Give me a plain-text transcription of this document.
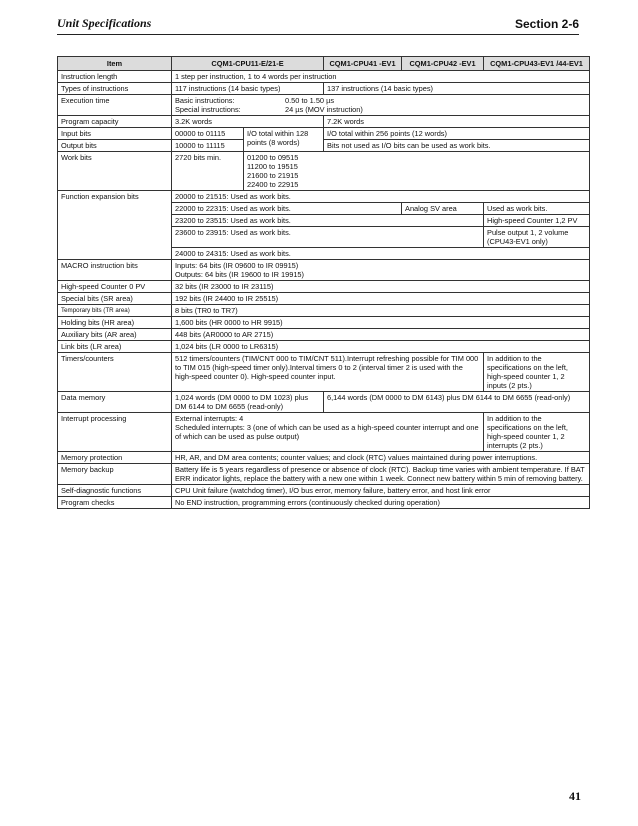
Unit Specifications	Section 2-6
Item	CQM1-CPU11-E/21-E		CQM1-CPU41 -EV1	CQM1-CPU42 -EV1	CQM1-CPU43-EV1 /44-EV1
Instruction length	1 step per instruction, 1 to 4 words per instruction				
Types of instructions	117 instructions (14 basic types)		137 instructions (14 basic types)		
Execution time	Basic instructions: 0.50 to 1.50 µs
Special instructions: 24 µs (MOV instruction)				

Program capacity	3.2K words		7.2K words		
Input bits	00000 to 01115	I/O total within 128 points (8 words)	I/O total within 256 points (12 words)		
Output bits	10000 to 11115		Bits not used as I/O bits can be used as work bits.		
Work bits	2720 bits min.	01200 to 09515
11200 to 19515
21600 to 21915
22400 to 22915			

Function expansion bits	20000 to 21515: Used as work bits.				
	22000 to 22315: Used as work bits.			Analog SV area	Used as work bits.
	23200 to 23515: Used as work bits.				High-speed Counter 1,2 PV
	23600 to 23915: Used as work bits.				Pulse output 1, 2 volume (CPU43-EV1 only)
	24000 to 24315: Used as work bits.				
MACRO instruction bits	Inputs: 64 bits (IR 09600 to IR 09915)
Outputs: 64 bits (IR 19600 to IR 19915)				

High-speed Counter 0 PV	32 bits (IR 23000 to IR 23115)				
Special bits (SR area)	192 bits (IR 24400 to IR 25515)				
Temporary bits (TR area)	8 bits (TR0 to TR7)				
Holding bits (HR area)	1,600 bits (HR 0000 to HR 9915)				
Auxiliary bits (AR area)	448 bits (AR0000 to AR 2715)				
Link bits (LR area)	1,024 bits (LR 0000 to LR6315)				
Timers/counters	512 timers/counters (TIM/CNT 000 to TIM/CNT 511).Interrupt refreshing possible for TIM 000 to TIM 015 (high-speed timer only).Interval timers 0 to 2 (interval timer 2 is used with the high-speed counter 0). High-speed counter input.				In addition to the specifications on the left, high-speed counter 1, 2 inputs (2 pts.)
Data memory	1,024 words (DM 0000 to DM 1023) plus DM 6144 to DM 6655 (read-only)		6,144 words (DM 0000 to DM 6143) plus DM 6144 to DM 6655 (read-only)		
Interrupt processing	External interrupts: 4
Scheduled interrupts: 3 (one of which can be used as a high-speed counter interrupt and one of which can be used as pulse output)				In addition to the specifications on the left, high-speed counter 1, 2 interrupts (2 pts.)
Memory protection	HR, AR, and DM area contents; counter values; and clock (RTC) values maintained during power interruptions.				
Memory backup	Battery life is 5 years regardless of presence or absence of clock (RTC). Backup time varies with ambient temperature. If BAT ERR indicator lights, replace the battery with a new one within 1 week. Connect new battery within 5 min of removing battery.				
Self-diagnostic functions	CPU Unit failure (watchdog timer), I/O bus error, memory failure, battery error, and host link error				
Program checks	No END instruction, programming errors (continuously checked during operation)				
41
